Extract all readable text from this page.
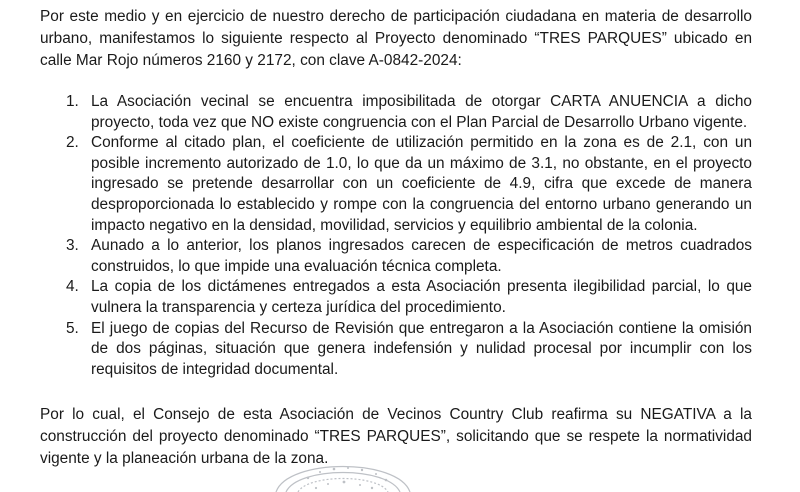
Por este medio y en ejercicio de nuestro derecho de participación ciudadana en materia de desarrollo urbano, manifestamos lo siguiente respecto al Proyecto denominado “TRES PARQUES” ubicado en calle Mar Rojo números 2160 y 2172, con clave A-0842-2024:

1. La Asociación vecinal se encuentra imposibilitada de otorgar CARTA ANUENCIA a dicho proyecto, toda vez que NO existe congruencia con el Plan Parcial de Desarrollo Urbano vigente.
2. Conforme al citado plan, el coeficiente de utilización permitido en la zona es de 2.1, con un posible incremento autorizado de 1.0, lo que da un máximo de 3.1, no obstante, en el proyecto ingresado se pretende desarrollar con un coeficiente de 4.9, cifra que excede de manera desproporcionada lo establecido y rompe con la congruencia del entorno urbano generando un impacto negativo en la densidad, movilidad, servicios y equilibrio ambiental de la colonia.
3. Aunado a lo anterior, los planos ingresados carecen de especificación de metros cuadrados construidos, lo que impide una evaluación técnica completa.
4. La copia de los dictámenes entregados a esta Asociación presenta ilegibilidad parcial, lo que vulnera la transparencia y certeza jurídica del procedimiento.
5. El juego de copias del Recurso de Revisión que entregaron a la Asociación contiene la omisión de dos páginas, situación que genera indefensión y nulidad procesal por incumplir con los requisitos de integridad documental.

Por lo cual, el Consejo de esta Asociación de Vecinos Country Club reafirma su NEGATIVA a la construcción del proyecto denominado “TRES PARQUES”, solicitando que se respete la normatividad vigente y la planeación urbana de la zona.
